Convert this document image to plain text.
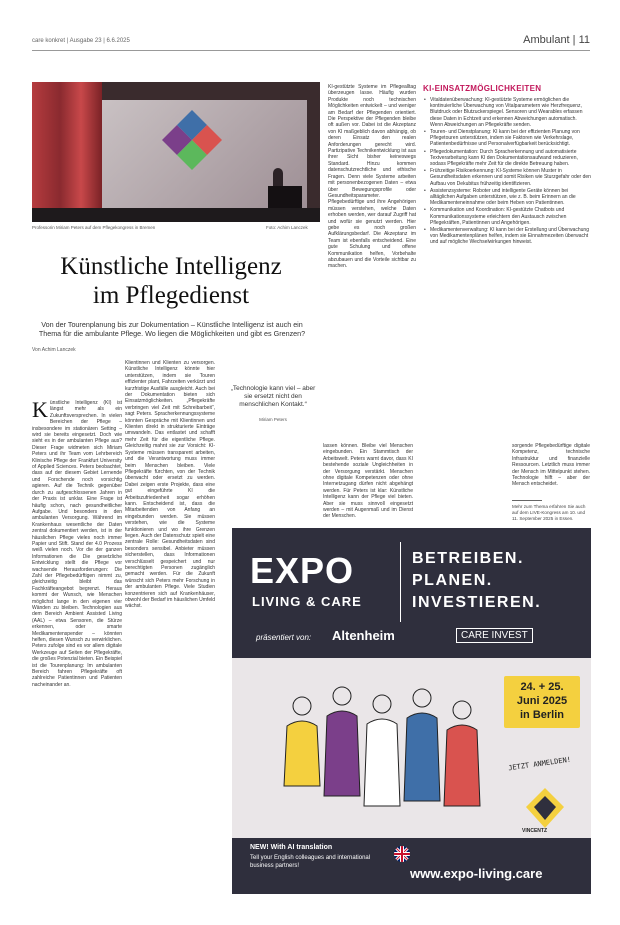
care konkret | Ausgabe 23 | 6.6.2025	Ambulant | 11
Professorin Miriam Peters auf dem Pflegekongress in Bremen	Foto: Achim Lanczek
KI-gestützte Systeme im Pflegealltag überzeugen lasse. Häufig wurden Produkte noch technischen Möglichkeiten entwickelt – und weniger am Bedarf der Pflegenden orientiert. Die Perspektive der Pflegenden bleibe oft außen vor. Dabei ist die Akzeptanz von KI maßgeblich davon abhängig, ob deren Einsatz den realen Anforderungen gerecht wird. Partizipative Technikentwicklung ist aus ihrer Sicht bisher keineswegs Standard. Hinzu kommen datenschutzrechtliche und ethische Fragen. Denn viele Systeme arbeiten mit personenbezogenen Daten – etwa über Bewegungsprofile oder Gesundheitsparameter. Pflegebedürftige und ihre Angehörigen müssen verstehen, welche Daten erhoben werden, wer darauf Zugriff hat und wofür sie genutzt werden. Hier gebe es noch großen Aufklärungsbedarf. Die Akzeptanz im Team ist ebenfalls entscheidend. Eine gute Schulung und offene Kommunikation helfen, Vorbehalte abzubauen und die Vorteile sichtbar zu machen.
KI-EINSATZMÖGLICHKEITEN
• Vitaldatenüberwachung: KI-gestützte Systeme ermöglichen die kontinuierliche Überwachung von Vitalparametern wie Herzfrequenz, Blutdruck oder Blutzuckerspiegel. Sensoren und Wearables erfassen diese Daten in Echtzeit und erkennen Abweichungen automatisch. Wenn Abweichungen an Pflegekräfte senden.
• Touren- und Dienstplanung: KI kann bei der effizienten Planung von Pflegetouren unterstützen, indem sie Faktoren wie Verkehrslage, Patientenbedürfnisse und Personalverfügbarkeit berücksichtigt.
• Pflegedokumentation: Durch Spracherkennung und automatisierte Textverarbeitung kann KI den Dokumentationsaufwand reduzieren, sodass Pflegekräfte mehr Zeit für die direkte Betreuung haben.
• Frühzeitige Risikoerkennung: KI-Systeme können Muster in Gesundheitsdaten erkennen und somit Risiken wie Sturzgefahr oder den Aufbau von Dekubitus frühzeitig identifizieren.
• Assistenzsysteme: Roboter und intelligente Geräte können bei alltäglichen Aufgaben unterstützen, wie z. B. beim Erinnern an die Medikamenteneinnahme oder beim Heben von Patientinnen.
• Kommunikation und Koordination: KI-gestützte Chatbots und Kommunikationssysteme erleichtern den Austausch zwischen Pflegekräften, Patientinnen und Angehörigen.
• Medikamentenverwaltung: KI kann bei der Erstellung und Überwachung von Medikamentenplänen helfen, indem sie Einnahmezeiten überwacht und auf mögliche Wechselwirkungen hinweist.
Künstliche Intelligenz
im Pflegedienst
Von der Tourenplanung bis zur Dokumentation – Künstliche Intelligenz ist auch ein Thema für die ambulante Pflege. Wo liegen die Möglichkeiten und gibt es Grenzen?
Von Achim Lanczek
K ünstliche Intelligenz (KI) ist längst mehr als ein Zukunftsversprechen. In vielen Bereichen der Pflege – insbesondere im stationären Setting – wird sie bereits eingesetzt. Doch wie sieht es in der ambulanten Pflege aus? Dieser Frage widmeten sich Miriam Peters und ihr Team vom Lehrbereich Klinische Pflege der Frankfurt University of Applied Sciences. Peters beobachtet, dass auf der diesem Gebiet Lernende und Forschende noch vorsichtig agieren. Auf die Technik gegenüber durch zu aufgeschlossenen Jahren in der Praxis ist unklar. Eine Frage ist häufig schon, nach gesundheitlicher Aufgabe. Und besonders in den ambulanten Versorgung. Während im Krankenhaus wesentliche der Daten zentral dokumentiert werden, ist in der häuslichen Pflege vieles noch immer Papier und Stift. Stand der 4.0 Prozess weiß vielen noch. Vor die der ganzen Informationen die Die gesetzliche Entwicklung stellt die Pflege vor wachsende Herausforderungen: Die Zahl der Pflegebedürftigen nimmt zu, gleichzeitig bleibt das Fachkräfteangebot begrenzt. Heraus kommt der Wunsch, wie Menschen möglichst lange in den eigenen vier Wänden zu bleiben. Technologien aus dem Bereich Ambient Assisted Living (AAL) – etwa Sensoren, die Stürze erkennen, oder smarte Medikamentenspender – könnten helfen, diesen Wunsch zu verwirklichen. Peters zufolge sind es vor allem digitale Werkzeuge auf Seiten der Pflegekräfte, die großes Potenzial bieten. Ein Beispiel ist die Tourenplanung: Im ambulanten Bereich fahren Pflegekräfte oft zahlreiche Patientinnen und Patienten nacheinander an.
Klientinnen und Klienten zu versorgen. Künstliche Intelligenz könnte hier unterstützen, indem sie Touren effizienter plant, Fahrzeiten verkürzt und kurzfristige Ausfälle ausgleicht. Auch bei der Dokumentation bieten sich Einsatzmöglichkeiten. „Pflegekräfte verbringen viel Zeit mit Schreibarbeit“, sagt Peters. Spracherkennungssysteme könnten Gespräche mit Klientinnen und Klienten direkt in strukturierte Einträge umwandeln. Das entlastet und schafft mehr Zeit für die eigentliche Pflege. Gleichzeitig mahnt sie zur Vorsicht: KI-Systeme müssen transparent arbeiten, und die Verantwortung muss immer beim Menschen bleiben. Viele Pflegekräfte fürchten, von der Technik überwacht oder ersetzt zu werden. Dabei zeigen erste Projekte, dass eine gut eingeführte KI die Arbeitszufriedenheit sogar erhöhen kann. Entscheidend ist, dass die Mitarbeitenden von Anfang an eingebunden werden. Sie müssen verstehen, wie die Systeme funktionieren und wo ihre Grenzen liegen. Auch der Datenschutz spielt eine zentrale Rolle: Gesundheitsdaten sind besonders sensibel. Anbieter müssen sicherstellen, dass Informationen verschlüsselt gespeichert und nur berechtigten Personen zugänglich gemacht werden. Für die Zukunft wünscht sich Peters mehr Forschung in der ambulanten Pflege. Viele Studien konzentrieren sich auf Krankenhäuser, obwohl der Bedarf im häuslichen Umfeld wächst.
„Technologie kann viel – aber sie ersetzt nicht den menschlichen Kontakt.“
Miriam Peters
lassen können. Bleibe viel Menschen eingebunden. Ein Stammtisch der Arbeitswelt. Peters warnt davor, dass KI bestehende soziale Ungleichheiten in der Versorgung verstärkt. Menschen ohne digitale Kompetenzen oder ohne Internetzugang dürfen nicht abgehängt werden. Für Peters ist klar: Künstliche Intelligenz kann der Pflege viel bieten. Aber sie muss sinnvoll eingesetzt werden – mit Augenmaß und im Dienst der Menschen.
sorgende Pflegebedürftige digitale Kompetenz, technische Infrastruktur und finanzielle Ressourcen. Letztlich muss immer der Mensch im Mittelpunkt stehen. Technologie hilft – aber der Mensch entscheidet.
Mehr zum Thema erfahren Sie auch auf dem LIVE-Kongress am 10. und 11. September 2025 in Essen.
EXPO
LIVING & CARE
BETREIBEN.
PLANEN.
INVESTIEREN.
präsentiert von: Altenheim	CARE INVEST
24. + 25.
Juni 2025
in Berlin
JETZT ANMELDEN!
VINCENTZ
NEW! With AI translation
Tell your English colleagues and international business partners!	www.expo-living.care
